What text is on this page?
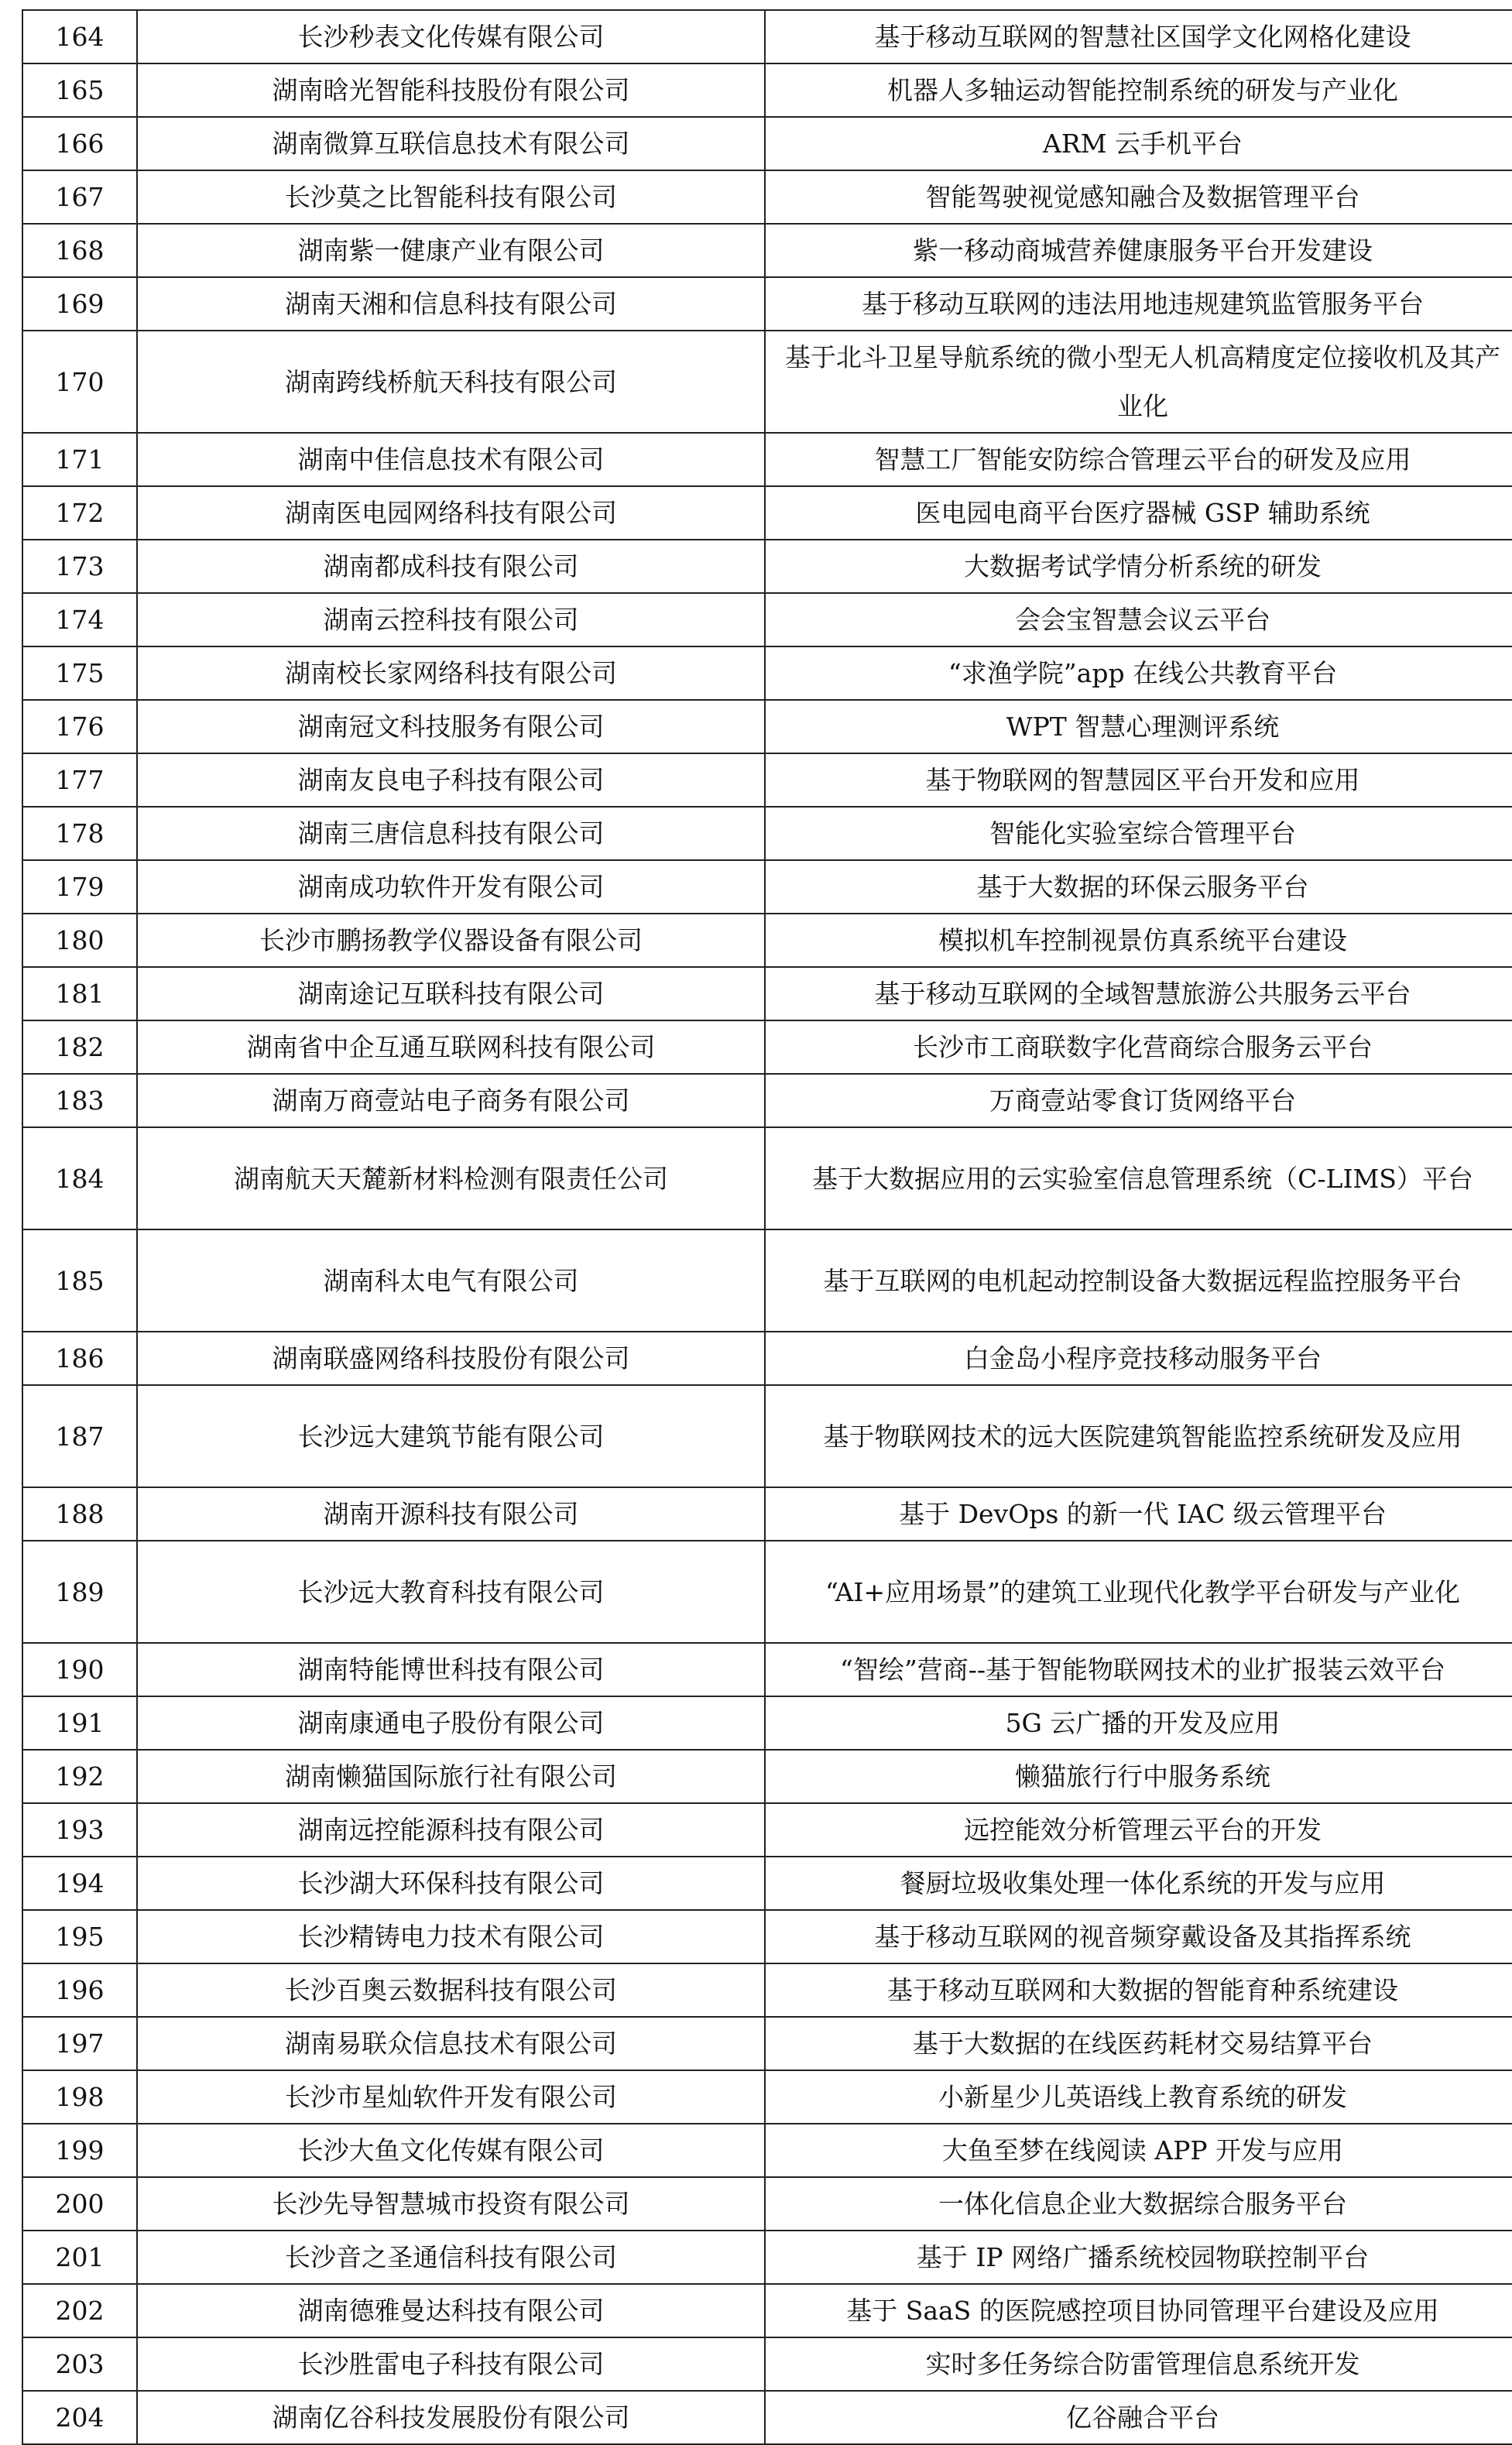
164	长沙秒表文化传媒有限公司	基于移动互联网的智慧社区国学文化网格化建设
165	湖南晗光智能科技股份有限公司	机器人多轴运动智能控制系统的研发与产业化
166	湖南微算互联信息技术有限公司	ARM 云手机平台
167	长沙莫之比智能科技有限公司	智能驾驶视觉感知融合及数据管理平台
168	湖南紫一健康产业有限公司	紫一移动商城营养健康服务平台开发建设
169	湖南天湘和信息科技有限公司	基于移动互联网的违法用地违规建筑监管服务平台
170	湖南跨线桥航天科技有限公司	基于北斗卫星导航系统的微小型无人机高精度定位接收机及其产业化
171	湖南中佳信息技术有限公司	智慧工厂智能安防综合管理云平台的研发及应用
172	湖南医电园网络科技有限公司	医电园电商平台医疗器械 GSP 辅助系统
173	湖南都成科技有限公司	大数据考试学情分析系统的研发
174	湖南云控科技有限公司	会会宝智慧会议云平台
175	湖南校长家网络科技有限公司	“求渔学院”app 在线公共教育平台
176	湖南冠文科技服务有限公司	WPT 智慧心理测评系统
177	湖南友良电子科技有限公司	基于物联网的智慧园区平台开发和应用
178	湖南三唐信息科技有限公司	智能化实验室综合管理平台
179	湖南成功软件开发有限公司	基于大数据的环保云服务平台
180	长沙市鹏扬教学仪器设备有限公司	模拟机车控制视景仿真系统平台建设
181	湖南途记互联科技有限公司	基于移动互联网的全域智慧旅游公共服务云平台
182	湖南省中企互通互联网科技有限公司	长沙市工商联数字化营商综合服务云平台
183	湖南万商壹站电子商务有限公司	万商壹站零食订货网络平台
184	湖南航天天麓新材料检测有限责任公司	基于大数据应用的云实验室信息管理系统（C-LIMS）平台
185	湖南科太电气有限公司	基于互联网的电机起动控制设备大数据远程监控服务平台
186	湖南联盛网络科技股份有限公司	白金岛小程序竞技移动服务平台
187	长沙远大建筑节能有限公司	基于物联网技术的远大医院建筑智能监控系统研发及应用
188	湖南开源科技有限公司	基于 DevOps 的新一代 IAC 级云管理平台
189	长沙远大教育科技有限公司	“AI+应用场景”的建筑工业现代化教学平台研发与产业化
190	湖南特能博世科技有限公司	“智绘”营商--基于智能物联网技术的业扩报装云效平台
191	湖南康通电子股份有限公司	5G 云广播的开发及应用
192	湖南懒猫国际旅行社有限公司	懒猫旅行行中服务系统
193	湖南远控能源科技有限公司	远控能效分析管理云平台的开发
194	长沙湖大环保科技有限公司	餐厨垃圾收集处理一体化系统的开发与应用
195	长沙精铸电力技术有限公司	基于移动互联网的视音频穿戴设备及其指挥系统
196	长沙百奥云数据科技有限公司	基于移动互联网和大数据的智能育种系统建设
197	湖南易联众信息技术有限公司	基于大数据的在线医药耗材交易结算平台
198	长沙市星灿软件开发有限公司	小新星少儿英语线上教育系统的研发
199	长沙大鱼文化传媒有限公司	大鱼至梦在线阅读 APP 开发与应用
200	长沙先导智慧城市投资有限公司	一体化信息企业大数据综合服务平台
201	长沙音之圣通信科技有限公司	基于 IP 网络广播系统校园物联控制平台
202	湖南德雅曼达科技有限公司	基于 SaaS 的医院感控项目协同管理平台建设及应用
203	长沙胜雷电子科技有限公司	实时多任务综合防雷管理信息系统开发
204	湖南亿谷科技发展股份有限公司	亿谷融合平台
